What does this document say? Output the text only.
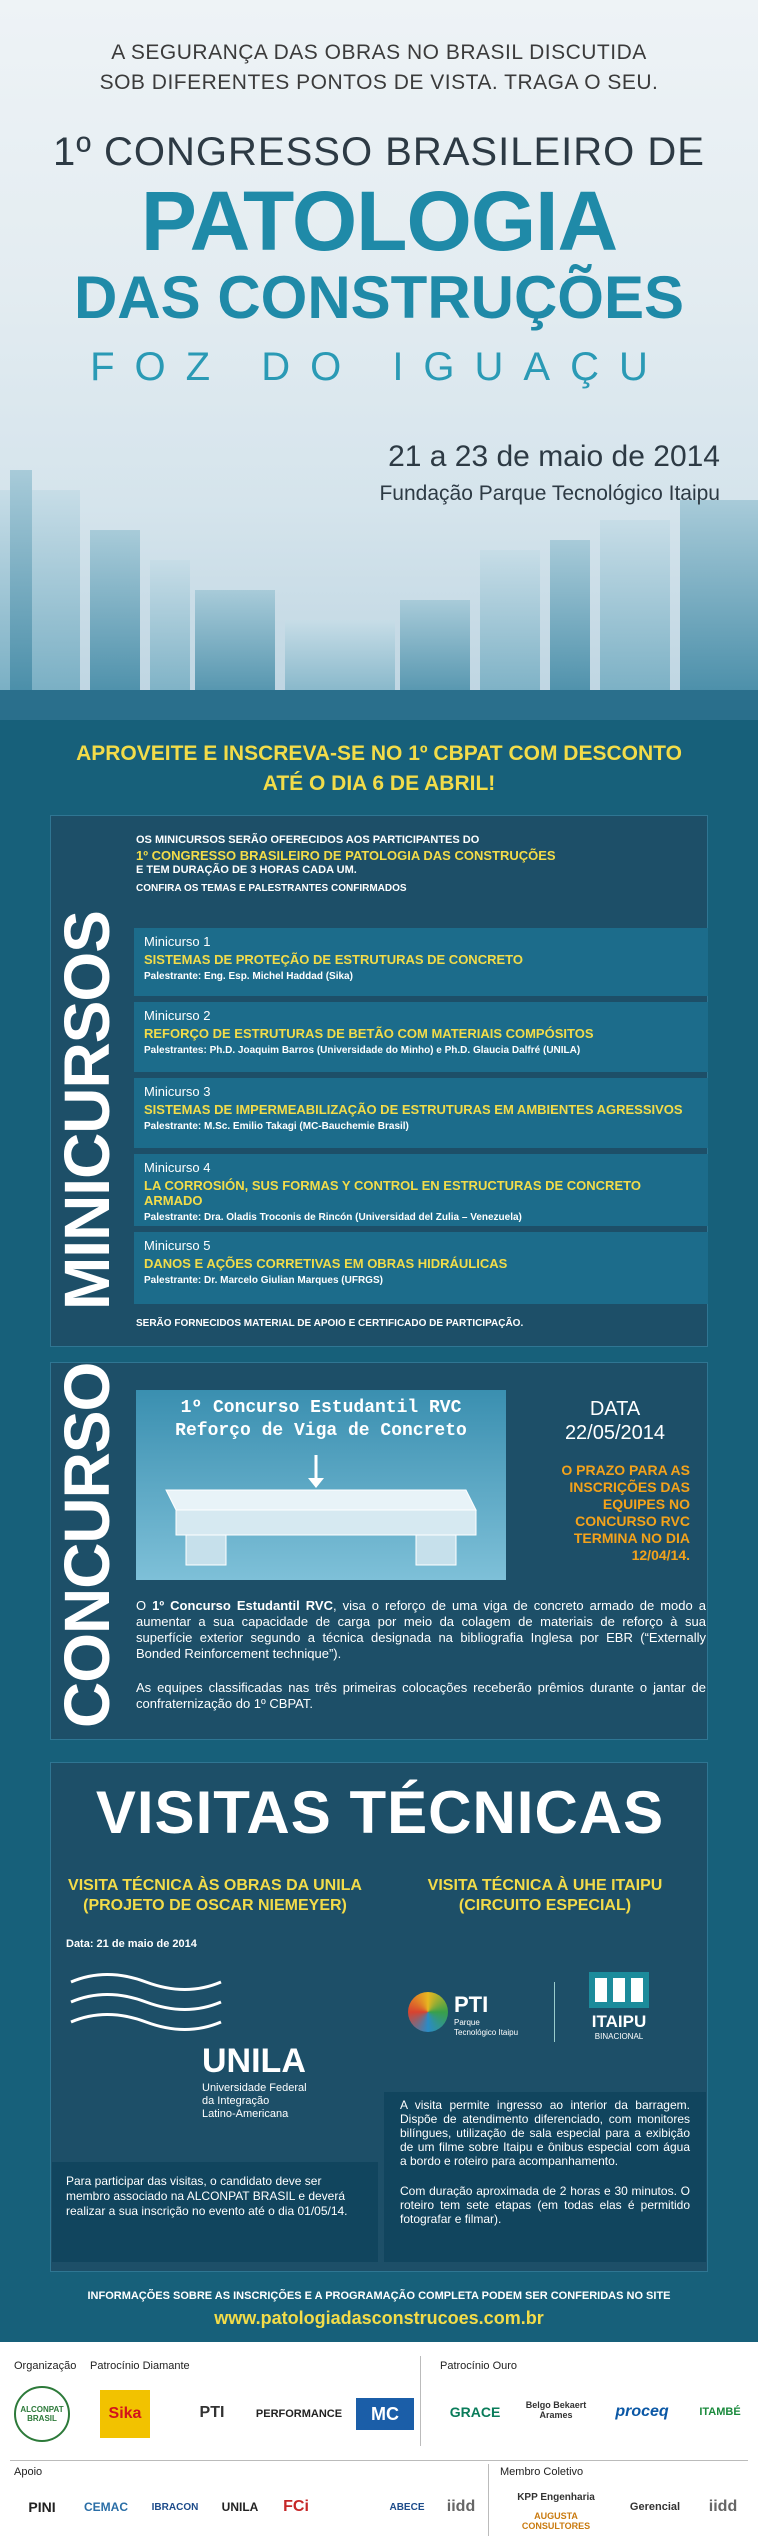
A SEGURANÇA DAS OBRAS NO BRASIL DISCUTIDA
SOB DIFERENTES PONTOS DE VISTA. TRAGA O SEU.
1º CONGRESSO BRASILEIRO DE
PATOLOGIA
DAS CONSTRUÇÕES
FOZ DO IGUAÇU
21 a 23 de maio de 2014
Fundação Parque Tecnológico Itaipu
APROVEITE E INSCREVA-SE NO 1º CBPAT COM DESCONTO
ATÉ O DIA 6 DE ABRIL!
MINICURSOS
OS MINICURSOS SERÃO OFERECIDOS AOS PARTICIPANTES DO
1º CONGRESSO BRASILEIRO DE PATOLOGIA DAS CONSTRUÇÕES
E TEM DURAÇÃO DE 3 HORAS CADA UM.
CONFIRA OS TEMAS E PALESTRANTES CONFIRMADOS
Minicurso 1
SISTEMAS DE PROTEÇÃO DE ESTRUTURAS DE CONCRETO
Palestrante: Eng. Esp. Michel Haddad (Sika)
Minicurso 2
REFORÇO DE ESTRUTURAS DE BETÃO COM MATERIAIS COMPÓSITOS
Palestrantes: Ph.D. Joaquim Barros (Universidade do Minho) e Ph.D. Glaucia Dalfré (UNILA)
Minicurso 3
SISTEMAS DE IMPERMEABILIZAÇÃO DE ESTRUTURAS EM AMBIENTES AGRESSIVOS
Palestrante: M.Sc. Emilio Takagi (MC-Bauchemie Brasil)
Minicurso 4
LA CORROSIÓN, SUS FORMAS Y CONTROL EN ESTRUCTURAS DE CONCRETO ARMADO
Palestrante: Dra. Oladis Troconis de Rincón (Universidad del Zulia – Venezuela)
Minicurso 5
DANOS E AÇÕES CORRETIVAS EM OBRAS HIDRÁULICAS
Palestrante: Dr. Marcelo Giulian Marques (UFRGS)
SERÃO FORNECIDOS MATERIAL DE APOIO E CERTIFICADO DE PARTICIPAÇÃO.
CONCURSO	1º Concurso Estudantil RVC
Reforço de Viga de Concreto
DATA
22/05/2014
O PRAZO PARA AS INSCRIÇÕES DAS EQUIPES NO CONCURSO RVC TERMINA NO DIA 12/04/14.
O 1º Concurso Estudantil RVC, visa o reforço de uma viga de concreto armado de modo a aumentar a sua capacidade de carga por meio da colagem de materiais de reforço à sua superfície exterior segundo a técnica designada na bibliografia Inglesa por EBR (“Externally Bonded Reinforcement technique”).
As equipes classificadas nas três primeiras colocações receberão prêmios durante o jantar de confraternização do 1º CBPAT.
VISITAS TÉCNICAS
VISITA TÉCNICA ÀS OBRAS DA UNILA
(PROJETO DE OSCAR NIEMEYER)
Data: 21 de maio de 2014
UNILA
Universidade Federal
da Integração
Latino-Americana
Para participar das visitas, o candidato deve ser membro associado na ALCONPAT BRASIL e deverá realizar a sua inscrição no evento até o dia 01/05/14.
VISITA TÉCNICA À UHE ITAIPU
(CIRCUITO ESPECIAL)
PTI
Parque Tecnológico Itaipu
ITAIPU
BINACIONAL
A visita permite ingresso ao interior da barragem. Dispõe de atendimento diferenciado, com monitores bilíngues, utilização de sala especial para a exibição de um filme sobre Itaipu e ônibus especial com água a bordo e roteiro para acompanhamento.
Com duração aproximada de 2 horas e 30 minutos. O roteiro tem sete etapas (em todas elas é permitido fotografar e filmar).
INFORMAÇÕES SOBRE AS INSCRIÇÕES E A PROGRAMAÇÃO COMPLETA PODEM SER CONFERIDAS NO SITE
www.patologiadasconstrucoes.com.br
Organização Patrocínio Diamante	Patrocínio Ouro
ALCONPAT BRASIL	Sika	PTI	PERFORMANCE	MC	GRACE	Belgo Bekaert Arames	proceq	ITAMBÉ
Apoio	Membro Coletivo
PINI	CEMAC	IBRACON	UNILA	FCi	ABECE	iidd
KPP Engenharia
AUGUSTA CONSULTORES
Gerencial	iidd
